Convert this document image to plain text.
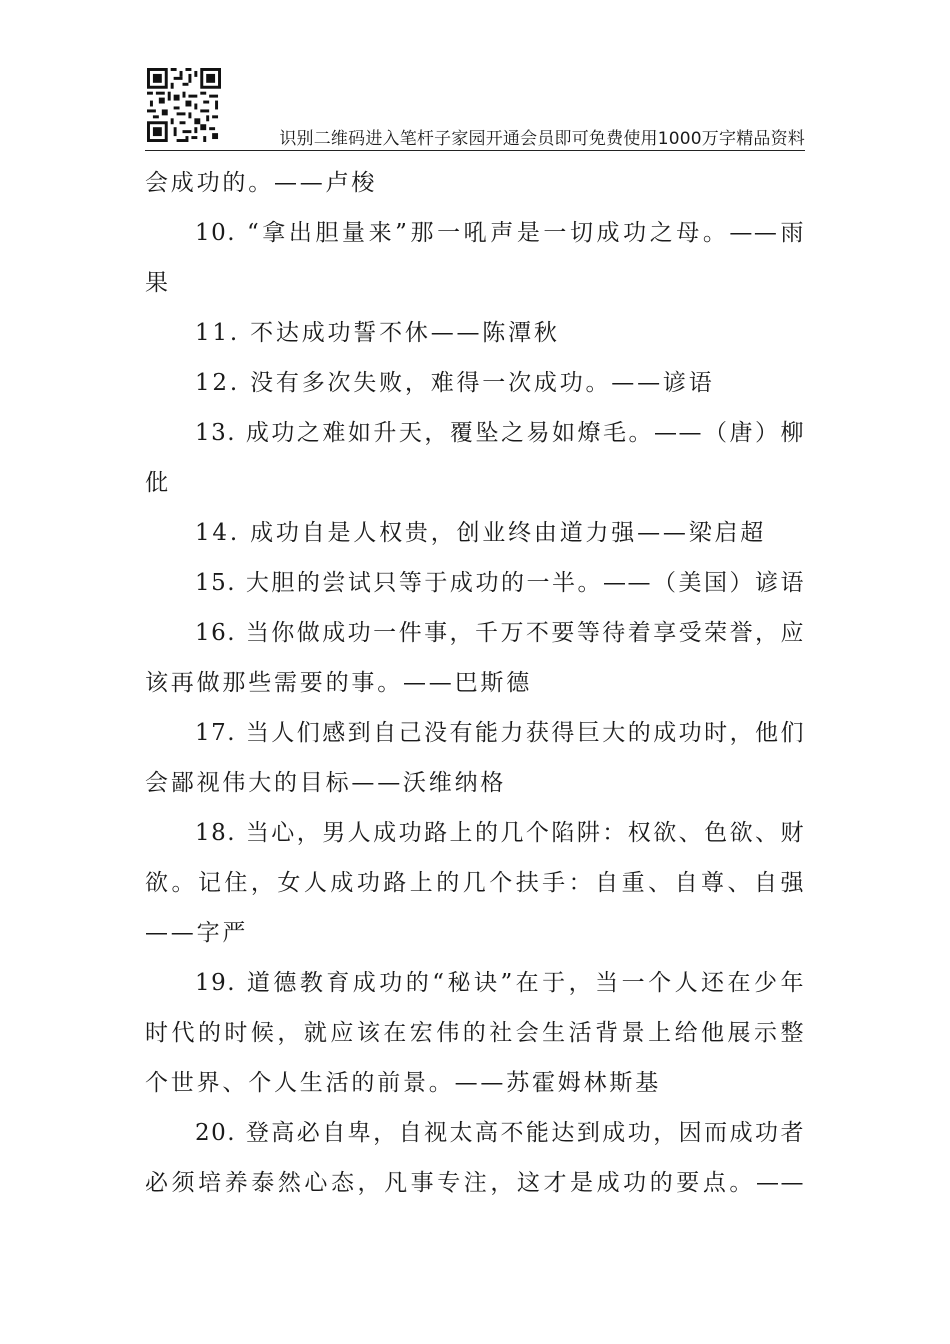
识别二维码进入笔杆子家园开通会员即可免费使用1000万字精品资料
会成功的。——卢梭
10. “拿出胆量来”那一吼声是一切成功之母。——雨
果
11. 不达成功誓不休——陈潭秋
12. 没有多次失败，难得一次成功。——谚语
13. 成功之难如升天，覆坠之易如燎毛。——（唐）柳
仳
14. 成功自是人权贵，创业终由道力强——梁启超
15. 大胆的尝试只等于成功的一半。——（美国）谚语
16. 当你做成功一件事，千万不要等待着享受荣誉，应
该再做那些需要的事。——巴斯德
17. 当人们感到自己没有能力获得巨大的成功时，他们
会鄙视伟大的目标——沃维纳格
18. 当心，男人成功路上的几个陷阱：权欲、色欲、财
欲。记住，女人成功路上的几个扶手：自重、自尊、自强
——字严
19. 道德教育成功的“秘诀”在于，当一个人还在少年
时代的时候，就应该在宏伟的社会生活背景上给他展示整
个世界、个人生活的前景。——苏霍姆林斯基
20. 登高必自卑，自视太高不能达到成功，因而成功者
必须培养泰然心态，凡事专注，这才是成功的要点。——
